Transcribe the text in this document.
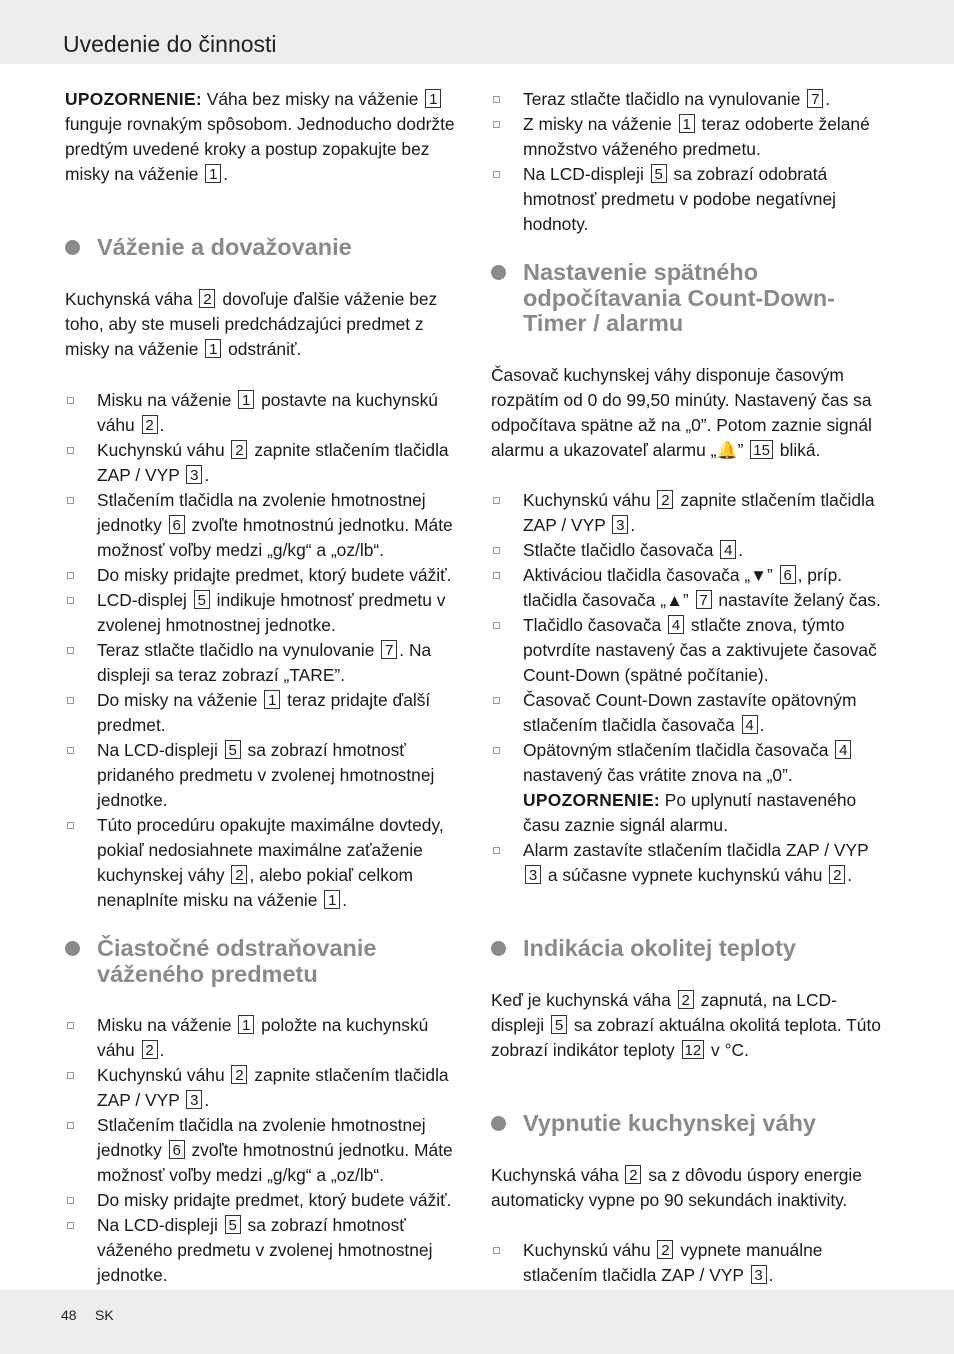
Uvedenie do činnosti

UPOZORNENIE: Váha bez misky na váženie 1 funguje rovnakým spôsobom. Jednoducho dodržte predtým uvedené kroky a postup zopakujte bez misky na váženie 1 .

Váženie a dovažovanie

Kuchynská váha 2 dovoľuje ďalšie váženie bez toho, aby ste museli predchádzajúci predmet z misky na váženie 1 odstrániť.

Misku na váženie 1 postavte na kuchynskú váhu 2 .
Kuchynskú váhu 2 zapnite stlačením tlačidla ZAP / VYP 3 .
Stlačením tlačidla na zvolenie hmotnostnej jednotky 6 zvoľte hmotnostnú jednotku. Máte možnosť voľby medzi „g/kg“ a „oz/lb“.
Do misky pridajte predmet, ktorý budete vážiť.
LCD-displej 5 indikuje hmotnosť predmetu v zvolenej hmotnostnej jednotke.
Teraz stlačte tlačidlo na vynulovanie 7 . Na displeji sa teraz zobrazí „TARE”.
Do misky na váženie 1 teraz pridajte ďalší predmet.
Na LCD-displeji 5 sa zobrazí hmotnosť pridaného predmetu v zvolenej hmotnostnej jednotke.
Túto procedúru opakujte maximálne dovtedy, pokiaľ nedosiahnete maximálne zaťaženie kuchynskej váhy 2 , alebo pokiaľ celkom nenaplníte misku na váženie 1 .
Čiastočné odstraňovanie váženého predmetu
Misku na váženie 1 položte na kuchynskú váhu 2 .
Kuchynskú váhu 2 zapnite stlačením tlačidla ZAP / VYP 3 .
Stlačením tlačidla na zvolenie hmotnostnej jednotky 6 zvoľte hmotnostnú jednotku. Máte možnosť voľby medzi „g/kg“ a „oz/lb“.
Do misky pridajte predmet, ktorý budete vážiť.
Na LCD-displeji 5 sa zobrazí hmotnosť váženého predmetu v zvolenej hmotnostnej jednotke.
Teraz stlačte tlačidlo na vynulovanie 7 .
Z misky na váženie 1 teraz odoberte želané množstvo váženého predmetu.
Na LCD-displeji 5 sa zobrazí odobratá hmotnosť predmetu v podobe negatívnej hodnoty.
Nastavenie spätného odpočítavania Count-Down-Timer / alarmu

Časovač kuchynskej váhy disponuje časovým rozpätím od 0 do 99,50 minúty. Nastavený čas sa odpočítava spätne až na „0”. Potom zaznie signál alarmu a ukazovateľ alarmu „🔔” 15 bliká.

Kuchynskú váhu 2 zapnite stlačením tlačidla ZAP / VYP 3 .
Stlačte tlačidlo časovača 4 .
Aktiváciou tlačidla časovača „▼” 6 , príp. tlačidla časovača „▲” 7 nastavíte želaný čas.
Tlačidlo časovača 4 stlačte znova, týmto potvrdíte nastavený čas a zaktivujete časovač Count-Down (spätné počítanie).
Časovač Count-Down zastavíte opätovným stlačením tlačidla časovača 4 .
Opätovným stlačením tlačidla časovača 4 nastavený čas vrátite znova na „0”. UPOZORNENIE: Po uplynutí nastaveného času zaznie signál alarmu.
Alarm zastavíte stlačením tlačidla ZAP / VYP 3 a súčasne vypnete kuchynskú váhu 2 .
Indikácia okolitej teploty

Keď je kuchynská váha 2 zapnutá, na LCD-displeji 5 sa zobrazí aktuálna okolitá teplota. Túto zobrazí indikátor teploty 12 v °C.

Vypnutie kuchynskej váhy

Kuchynská váha 2 sa z dôvodu úspory energie automaticky vypne po 90 sekundách inaktivity.

Kuchynskú váhu 2 vypnete manuálne stlačením tlačidla ZAP / VYP 3 .
48 SK
